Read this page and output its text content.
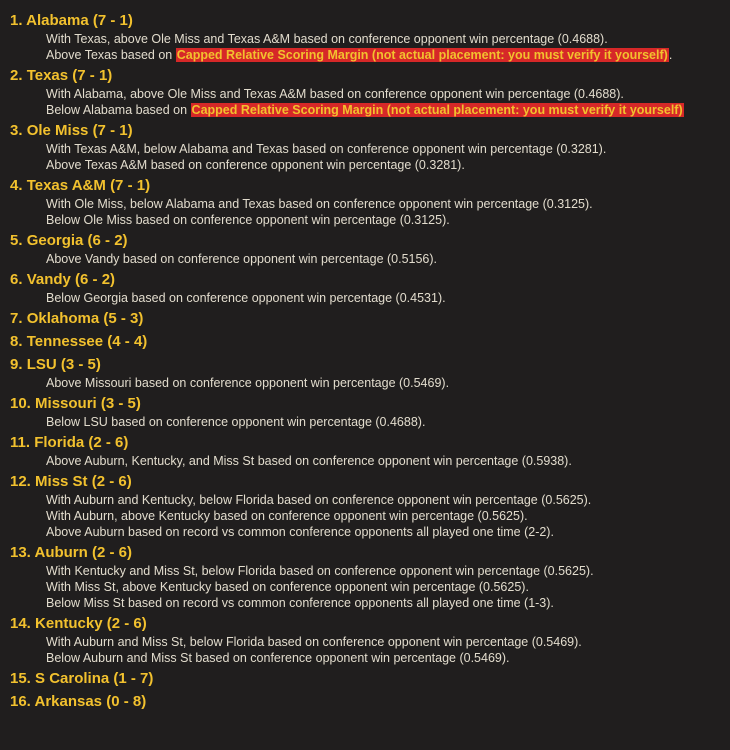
1. Alabama (7 - 1)
With Texas, above Ole Miss and Texas A&M based on conference opponent win percentage (0.4688).
Above Texas based on Capped Relative Scoring Margin (not actual placement: you must verify it yourself).
2. Texas (7 - 1)
With Alabama, above Ole Miss and Texas A&M based on conference opponent win percentage (0.4688).
Below Alabama based on Capped Relative Scoring Margin (not actual placement: you must verify it yourself)
3. Ole Miss (7 - 1)
With Texas A&M, below Alabama and Texas based on conference opponent win percentage (0.3281).
Above Texas A&M based on conference opponent win percentage (0.3281).
4. Texas A&M (7 - 1)
With Ole Miss, below Alabama and Texas based on conference opponent win percentage (0.3125).
Below Ole Miss based on conference opponent win percentage (0.3125).
5. Georgia (6 - 2)
Above Vandy based on conference opponent win percentage (0.5156).
6. Vandy (6 - 2)
Below Georgia based on conference opponent win percentage (0.4531).
7. Oklahoma (5 - 3)
8. Tennessee (4 - 4)
9. LSU (3 - 5)
Above Missouri based on conference opponent win percentage (0.5469).
10. Missouri (3 - 5)
Below LSU based on conference opponent win percentage (0.4688).
11. Florida (2 - 6)
Above Auburn, Kentucky, and Miss St based on conference opponent win percentage (0.5938).
12. Miss St (2 - 6)
With Auburn and Kentucky, below Florida based on conference opponent win percentage (0.5625).
With Auburn, above Kentucky based on conference opponent win percentage (0.5625).
Above Auburn based on record vs common conference opponents all played one time (2-2).
13. Auburn (2 - 6)
With Kentucky and Miss St, below Florida based on conference opponent win percentage (0.5625).
With Miss St, above Kentucky based on conference opponent win percentage (0.5625).
Below Miss St based on record vs common conference opponents all played one time (1-3).
14. Kentucky (2 - 6)
With Auburn and Miss St, below Florida based on conference opponent win percentage (0.5469).
Below Auburn and Miss St based on conference opponent win percentage (0.5469).
15. S Carolina (1 - 7)
16. Arkansas (0 - 8)
